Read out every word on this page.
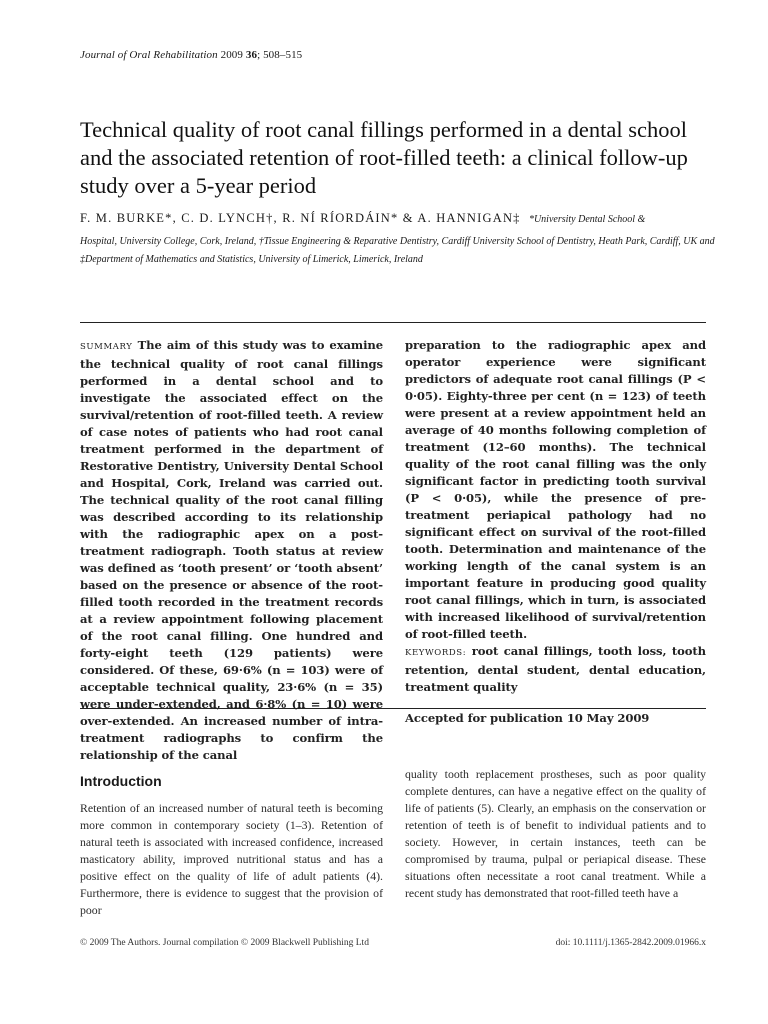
Journal of Oral Rehabilitation 2009 36; 508–515
Technical quality of root canal fillings performed in a dental school and the associated retention of root-filled teeth: a clinical follow-up study over a 5-year period
F. M. BURKE*, C. D. LYNCH†, R. NÍ RÍORDÁIN* & A. HANNIGAN‡ *University Dental School &
Hospital, University College, Cork, Ireland, †Tissue Engineering & Reparative Dentistry, Cardiff University School of Dentistry, Heath Park, Cardiff, UK and ‡Department of Mathematics and Statistics, University of Limerick, Limerick, Ireland

SUMMARY The aim of this study was to examine the technical quality of root canal fillings performed in a dental school and to investigate the associated effect on the survival/retention of root-filled teeth. A review of case notes of patients who had root canal treatment performed in the department of Restorative Dentistry, University Dental School and Hospital, Cork, Ireland was carried out. The technical quality of the root canal filling was described according to its relationship with the radiographic apex on a post-treatment radiograph. Tooth status at review was defined as ‘tooth present’ or ‘tooth absent’ based on the presence or absence of the root-filled tooth recorded in the treatment records at a review appointment following placement of the root canal filling. One hundred and forty-eight teeth (129 patients) were considered. Of these, 69·6% (n = 103) were of acceptable technical quality, 23·6% (n = 35) were under-extended, and 6·8% (n = 10) were over-extended. An increased number of intra-treatment radiographs to confirm the relationship of the canal

preparation to the radiographic apex and operator experience were significant predictors of adequate root canal fillings (P < 0·05). Eighty-three per cent (n = 123) of teeth were present at a review appointment held an average of 40 months following completion of treatment (12–60 months). The technical quality of the root canal filling was the only significant factor in predicting tooth survival (P < 0·05), while the presence of pre-treatment periapical pathology had no significant effect on survival of the root-filled tooth. Determination and maintenance of the working length of the canal system is an important feature in producing good quality root canal fillings, which in turn, is associated with increased likelihood of survival/retention of root-filled teeth.

KEYWORDS: root canal fillings, tooth loss, tooth retention, dental student, dental education, treatment quality

Accepted for publication 10 May 2009

Introduction

Retention of an increased number of natural teeth is becoming more common in contemporary society (1–3). Retention of natural teeth is associated with increased confidence, increased masticatory ability, improved nutritional status and has a positive effect on the quality of life of adult patients (4). Furthermore, there is evidence to suggest that the provision of poor

quality tooth replacement prostheses, such as poor quality complete dentures, can have a negative effect on the quality of life of patients (5). Clearly, an emphasis on the conservation or retention of teeth is of benefit to individual patients and to society. However, in certain instances, teeth can be compromised by trauma, pulpal or periapical disease. These situations often necessitate a root canal treatment. While a recent study has demonstrated that root-filled teeth have a

© 2009 The Authors. Journal compilation © 2009 Blackwell Publishing Ltd	doi: 10.1111/j.1365-2842.2009.01966.x
